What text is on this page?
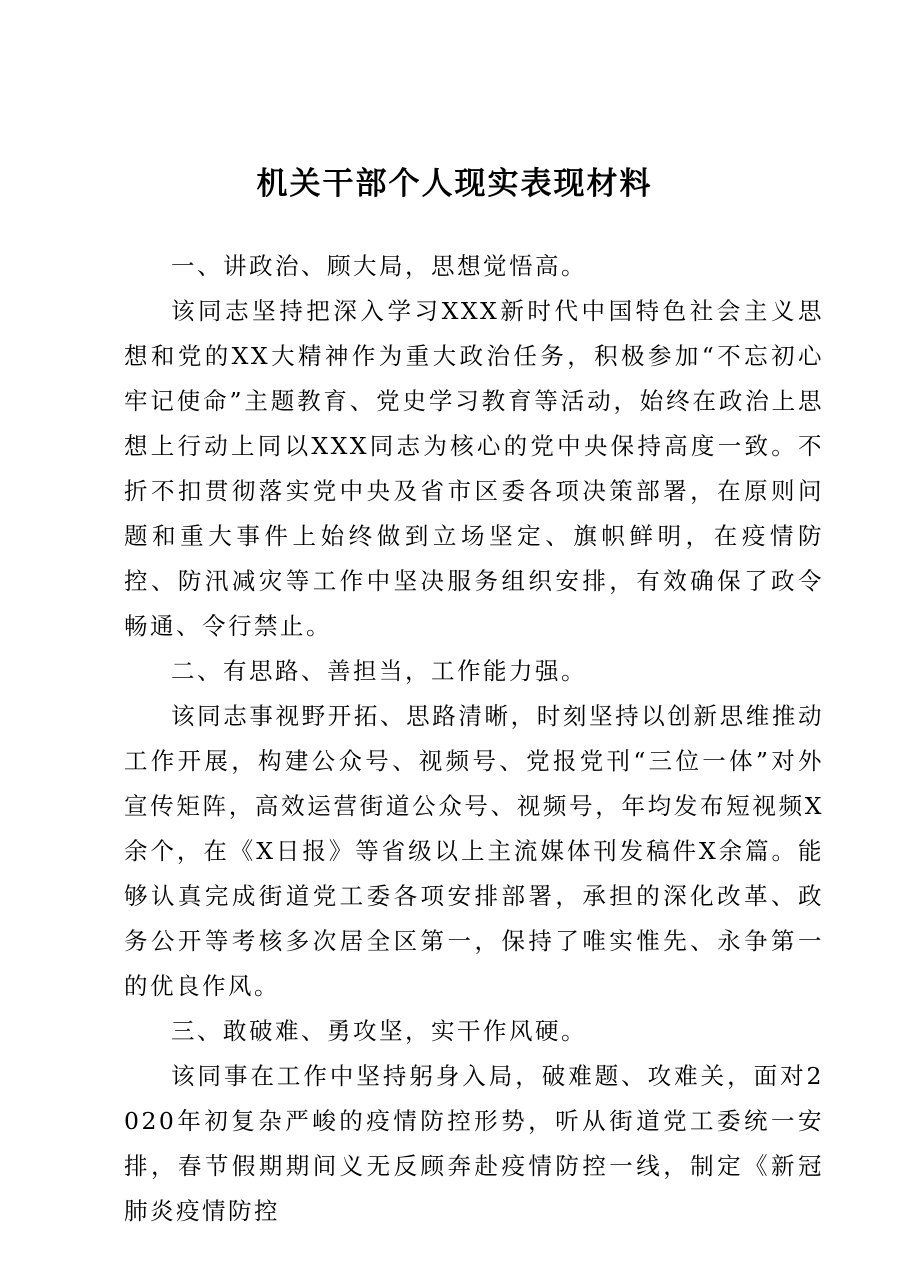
机关干部个人现实表现材料

一、讲政治、顾大局，思想觉悟高。

该同志坚持把深入学习XXX新时代中国特色社会主义思想和党的XX大精神作为重大政治任务，积极参加“不忘初心牢记使命”主题教育、党史学习教育等活动，始终在政治上思想上行动上同以XXX同志为核心的党中央保持高度一致。不折不扣贯彻落实党中央及省市区委各项决策部署，在原则问题和重大事件上始终做到立场坚定、旗帜鲜明，在疫情防控、防汛减灾等工作中坚决服务组织安排，有效确保了政令畅通、令行禁止。

二、有思路、善担当，工作能力强。

该同志事视野开拓、思路清晰，时刻坚持以创新思维推动工作开展，构建公众号、视频号、党报党刊“三位一体”对外宣传矩阵，高效运营街道公众号、视频号，年均发布短视频X余个，在《X日报》等省级以上主流媒体刊发稿件X余篇。能够认真完成街道党工委各项安排部署，承担的深化改革、政务公开等考核多次居全区第一，保持了唯实惟先、永争第一的优良作风。

三、敢破难、勇攻坚，实干作风硬。

该同事在工作中坚持躬身入局，破难题、攻难关，面对2020年初复杂严峻的疫情防控形势，听从街道党工委统一安排，春节假期期间义无反顾奔赴疫情防控一线，制定《新冠肺炎疫情防控
